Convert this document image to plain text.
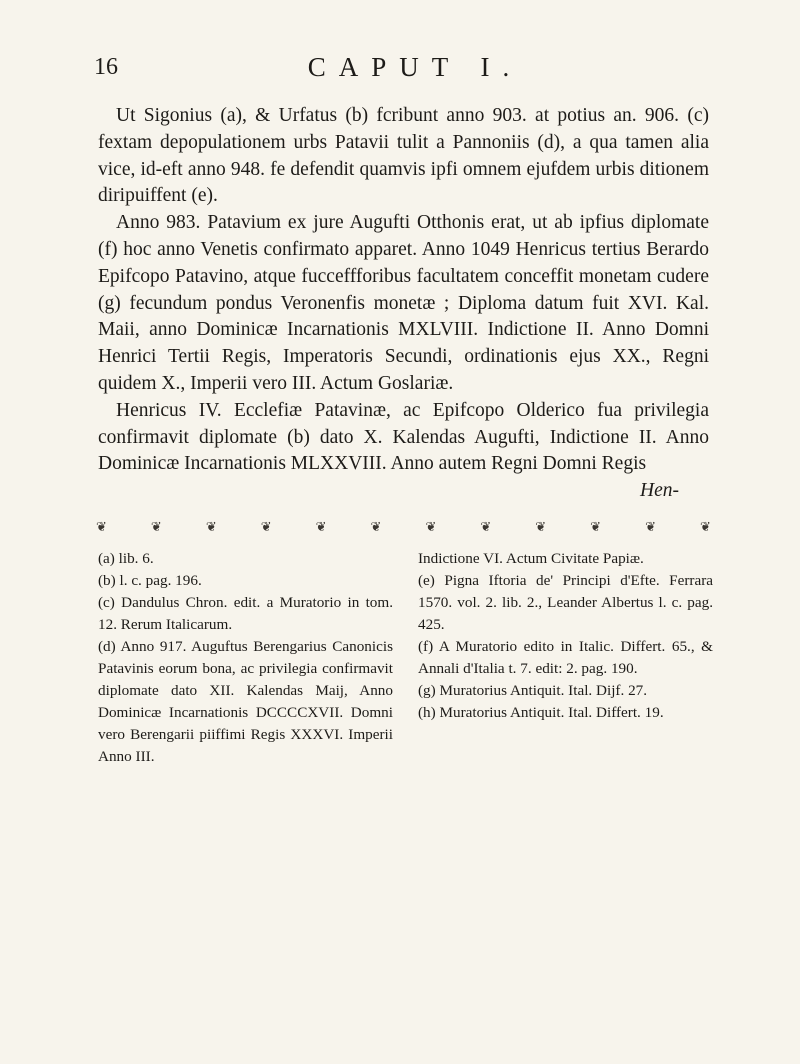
16	CAPUT I.

Ut Sigonius (a), & Urfatus (b) fcribunt anno 903. at potius an. 906. (c) fextam depopulationem urbs Patavii tulit a Pannoniis (d), a qua tamen alia vice, id-eft anno 948. fe defendit quamvis ipfi omnem ejufdem urbis ditionem diripuiffent (e).

Anno 983. Patavium ex jure Augufti Otthonis erat, ut ab ipfius diplomate (f) hoc anno Venetis confirmato apparet. Anno 1049 Henricus tertius Berardo Epifcopo Patavino, atque fucceffforibus facultatem conceffit monetam cudere (g) fecundum pondus Veronenfis monetæ ; Diploma datum fuit XVI. Kal. Maii, anno Dominicæ Incarnationis MXLVIII. Indictione II. Anno Domni Henrici Tertii Regis, Imperatoris Secundi, ordinationis ejus XX., Regni quidem X., Imperii vero III. Actum Goslariæ.

Henricus IV. Ecclefiæ Patavinæ, ac Epifcopo Olderico fua privilegia confirmavit diplomate (b) dato X. Kalendas Augufti, Indictione II. Anno Dominicæ Incarnationis MLXXVIII. Anno autem Regni Domni Regis

Hen-
❦	❦	❦	❦	❦	❦	❦	❦	❦	❦	❦	❦

(a) lib. 6.

(b) l. c. pag. 196.

(c) Dandulus Chron. edit. a Muratorio in tom. 12. Rerum Italicarum.

(d) Anno 917. Auguftus Berengarius Canonicis Patavinis eorum bona, ac privilegia confirmavit diplomate dato XII. Kalendas Maij, Anno Dominicæ Incarnationis DCCCCXVII. Domni vero Berengarii piiffimi Regis XXXVI. Imperii Anno III.

Indictione VI. Actum Civitate Papiæ.

(e) Pigna Iftoria de' Principi d'Efte. Ferrara 1570. vol. 2. lib. 2., Leander Albertus l. c. pag. 425.

(f) A Muratorio edito in Italic. Differt. 65., & Annali d'Italia t. 7. edit: 2. pag. 190.

(g) Muratorius Antiquit. Ital. Dijf. 27.

(h) Muratorius Antiquit. Ital. Differt. 19.
